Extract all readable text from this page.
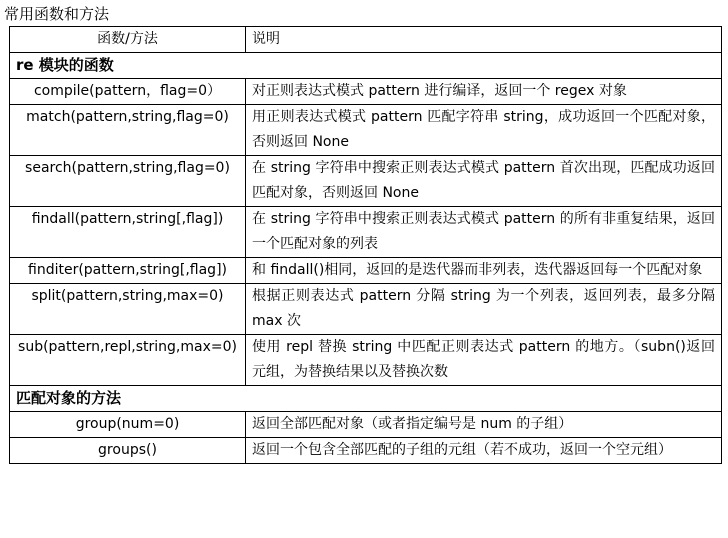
常用函数和方法
函数/方法	说明
re 模块的函数	
compile(pattern，flag=0）	对正则表达式模式 pattern 进行编译，返回一个 regex 对象
match(pattern,string,flag=0)	用正则表达式模式 pattern 匹配字符串 string，成功返回一个匹配对象，否则返回 None
search(pattern,string,flag=0)	在 string 字符串中搜索正则表达式模式 pattern 首次出现，匹配成功返回匹配对象，否则返回 None
findall(pattern,string[,flag])	在 string 字符串中搜索正则表达式模式 pattern 的所有非重复结果，返回一个匹配对象的列表
finditer(pattern,string[,flag])	和 findall()相同，返回的是迭代器而非列表，迭代器返回每一个匹配对象
split(pattern,string,max=0)	根据正则表达式 pattern 分隔 string 为一个列表，返回列表，最多分隔 max 次
sub(pattern,repl,string,max=0)	使用 repl 替换 string 中匹配正则表达式 pattern 的地方。（subn()返回元组，为替换结果以及替换次数
匹配对象的方法	
group(num=0)	返回全部匹配对象（或者指定编号是 num 的子组）
groups()	返回一个包含全部匹配的子组的元组（若不成功，返回一个空元组）
